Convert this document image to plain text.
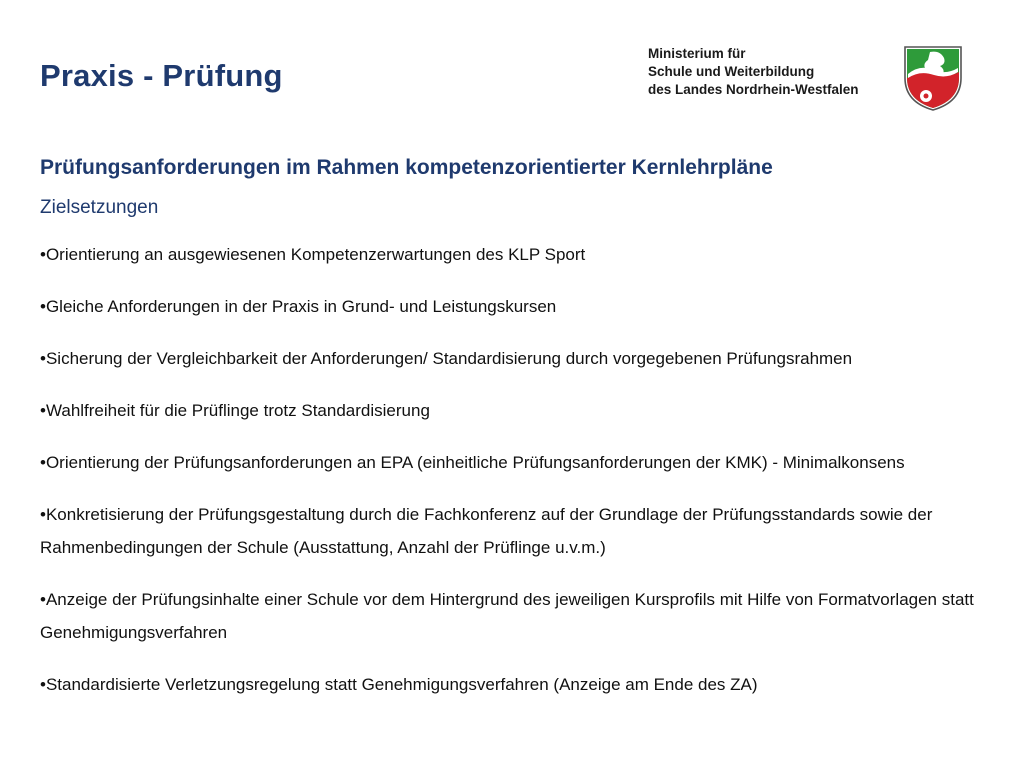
Praxis - Prüfung
Ministerium für
Schule und Weiterbildung
des Landes Nordrhein-Westfalen
Prüfungsanforderungen im Rahmen kompetenzorientierter Kernlehrpläne
Zielsetzungen
•Orientierung an ausgewiesenen Kompetenzerwartungen des KLP Sport
•Gleiche Anforderungen in der Praxis in Grund- und Leistungskursen
•Sicherung der Vergleichbarkeit der Anforderungen/ Standardisierung durch vorgegebenen Prüfungsrahmen
•Wahlfreiheit für die Prüflinge trotz Standardisierung
•Orientierung der Prüfungsanforderungen an EPA (einheitliche Prüfungsanforderungen der KMK) - Minimalkonsens
•Konkretisierung der Prüfungsgestaltung durch die Fachkonferenz auf der Grundlage der Prüfungsstandards sowie der Rahmenbedingungen der Schule (Ausstattung, Anzahl der Prüflinge u.v.m.)
•Anzeige der Prüfungsinhalte einer Schule vor dem Hintergrund des jeweiligen Kursprofils mit Hilfe von Formatvorlagen statt Genehmigungsverfahren
•Standardisierte Verletzungsregelung statt Genehmigungsverfahren (Anzeige am Ende des ZA)
